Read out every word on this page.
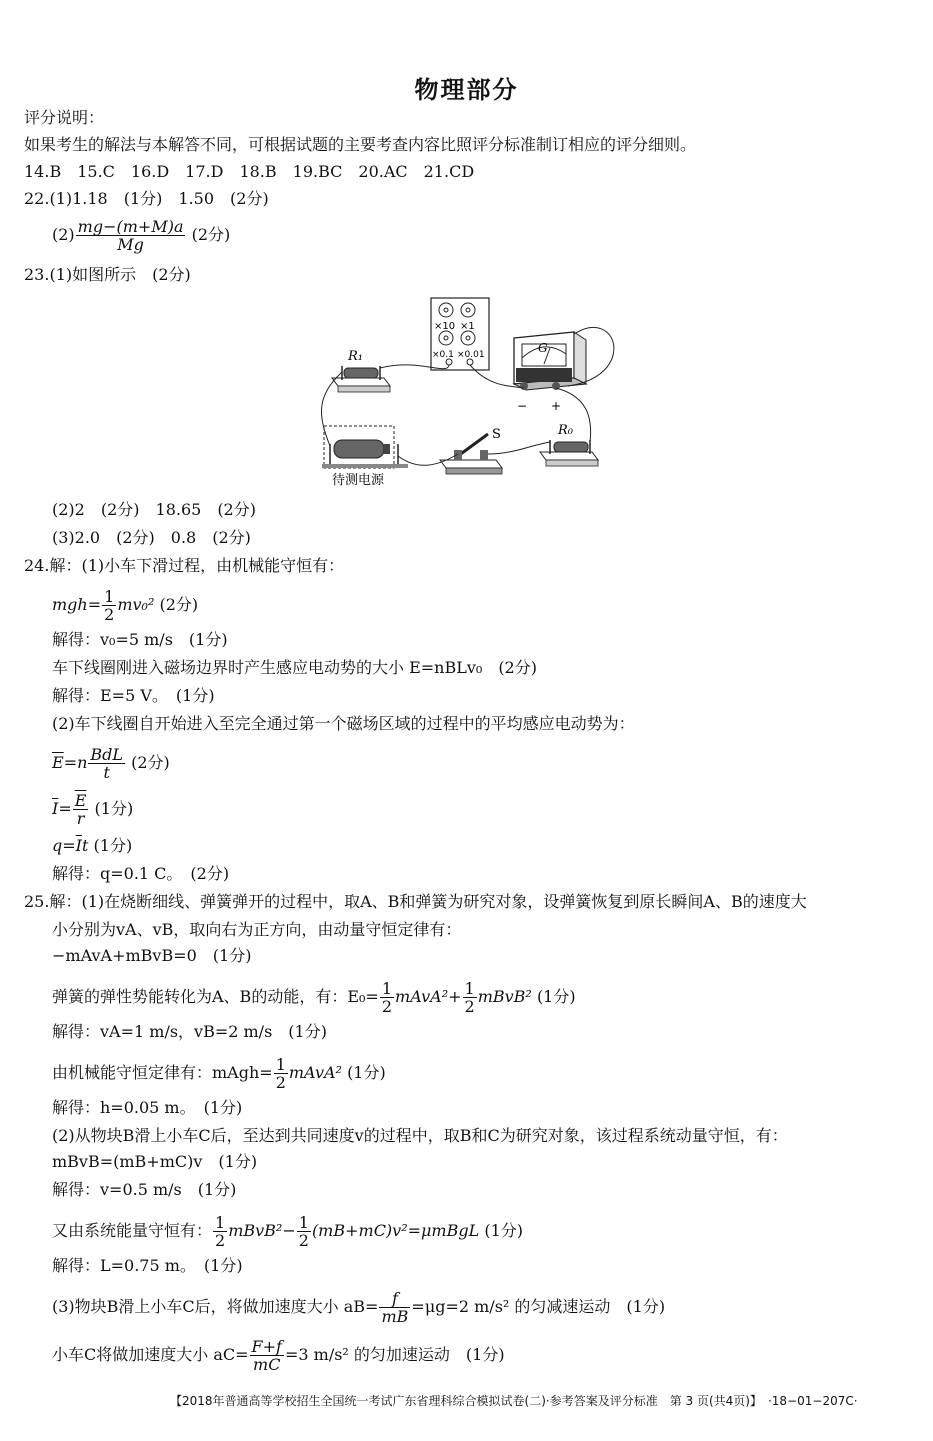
物理部分
评分说明：
如果考生的解法与本解答不同，可根据试题的主要考查内容比照评分标准制订相应的评分细则。
14.B　15.C　16.D　17.D　18.B　19.BC　20.AC　21.CD
22.(1)1.18　(1分)　1.50　(2分)
$(2) \frac{mg-(m+M)a}{Mg} (2$分)
23.(1)如图所示　(2分)
×10 ×1
×0.1 ×0.01	G
− +
R₁
R₀
S
待测电源
(2)2　(2分)　18.65　(2分)
(3)2.0　(2分)　0.8　(2分)
24.解：(1)小车下滑过程，由机械能守恒有：
$mgh= \frac{1}{2} mv_0^2$ (2分)
解得：v₀=5 m/s　(1分)
车下线圈刚进入磁场边界时产生感应电动势的大小 E=nBLv₀　(2分)
解得：E=5 V。　(1分)
(2)车下线圈自开始进入至完全通过第一个磁场区域的过程中的平均感应电动势为：
$\overline{E}=n \frac{\text{BdL}}{t} (2$分)
$\overline{I}= \frac{\overline{E}}{r} (1$分)
$q=\overline{I}t$ (1分)
解得：q=0.1 C。　(2分)
25.解：(1)在烧断细线、弹簧弹开的过程中，取A、B和弹簧为研究对象，设弹簧恢复到原长瞬间A、B的速度大
小分别为vA、vB，取向右为正方向，由动量守恒定律有：
−mAvA+mBvB=0　(1分)
弹簧的弹性势能转化为A、B的动能，有：$E_0= \frac{1}{2}$ mAvA²+ $\frac{1}{2}$ mBvB² (1分)
解得：vA=1 m/s，vB=2 m/s　(1分)
由机械能守恒定律有：mAgh= $\frac{1}{2}$ mAvA² (1分)
解得：h=0.05 m。　(1分)
(2)从物块B滑上小车C后，至达到共同速度v的过程中，取B和C为研究对象，该过程系统动量守恒，有：
mBvB=(mB+mC)v　(1分)
解得：v=0.5 m/s　(1分)
又由系统能量守恒有： $\frac{1}{2}$ mBvB²− $\frac{1}{2}$ (mB+mC)v²=μmBgL (1分)
解得：L=0.75 m。　(1分)
(3)物块B滑上小车C后，将做加速度大小 $aB= \frac{f}{mB} =\mu g=2$ m/s² 的匀减速运动　(1分)
小车C将做加速度大小 $aC= \frac{F+f}{mC} =3$ m/s² 的匀加速运动　(1分)
【2018年普通高等学校招生全国统一考试广东省理科综合模拟试卷(二)·参考答案及评分标准　第 3 页(共4页)】　·18−01−207C·
